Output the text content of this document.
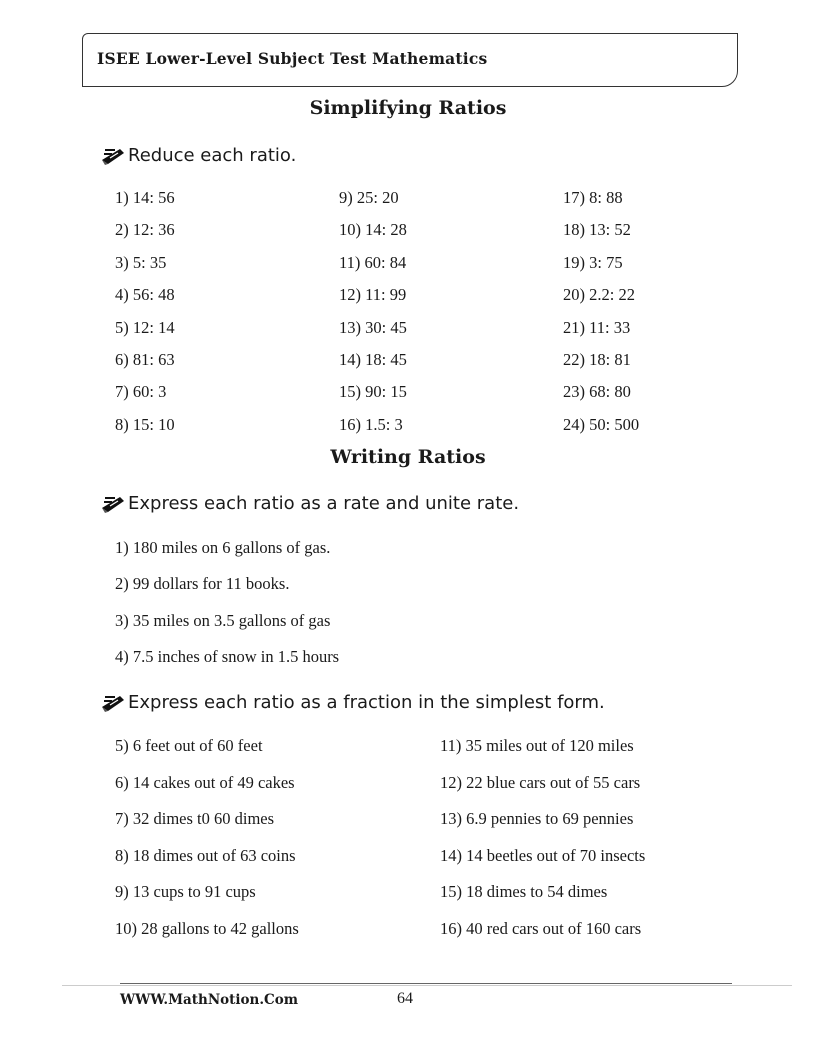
ISEE Lower-Level Subject Test Mathematics
Simplifying Ratios
Reduce each ratio.
1) 14: 56
2) 12: 36
3) 5: 35
4) 56: 48
5) 12: 14
6) 81: 63
7) 60: 3
8) 15: 10
9) 25: 20
10) 14: 28
11) 60: 84
12) 11: 99
13) 30: 45
14) 18: 45
15) 90: 15
16) 1.5: 3
17) 8: 88
18) 13: 52
19) 3: 75
20) 2.2: 22
21) 11: 33
22) 18: 81
23) 68: 80
24) 50: 500
Writing Ratios
Express each ratio as a rate and unite rate.
1) 180 miles on 6 gallons of gas.
2) 99 dollars for 11 books.
3) 35 miles on 3.5 gallons of gas
4) 7.5 inches of snow in 1.5 hours
Express each ratio as a fraction in the simplest form.
5) 6 feet out of 60 feet
6) 14 cakes out of 49 cakes
7) 32 dimes t0 60 dimes
8) 18 dimes out of 63 coins
9) 13 cups to 91 cups
10) 28 gallons to 42 gallons
11) 35 miles out of 120 miles
12) 22 blue cars out of 55 cars
13) 6.9 pennies to 69 pennies
14) 14 beetles out of 70 insects
15) 18 dimes to 54 dimes
16) 40 red cars out of 160 cars
WWW.MathNotion.Com	64
